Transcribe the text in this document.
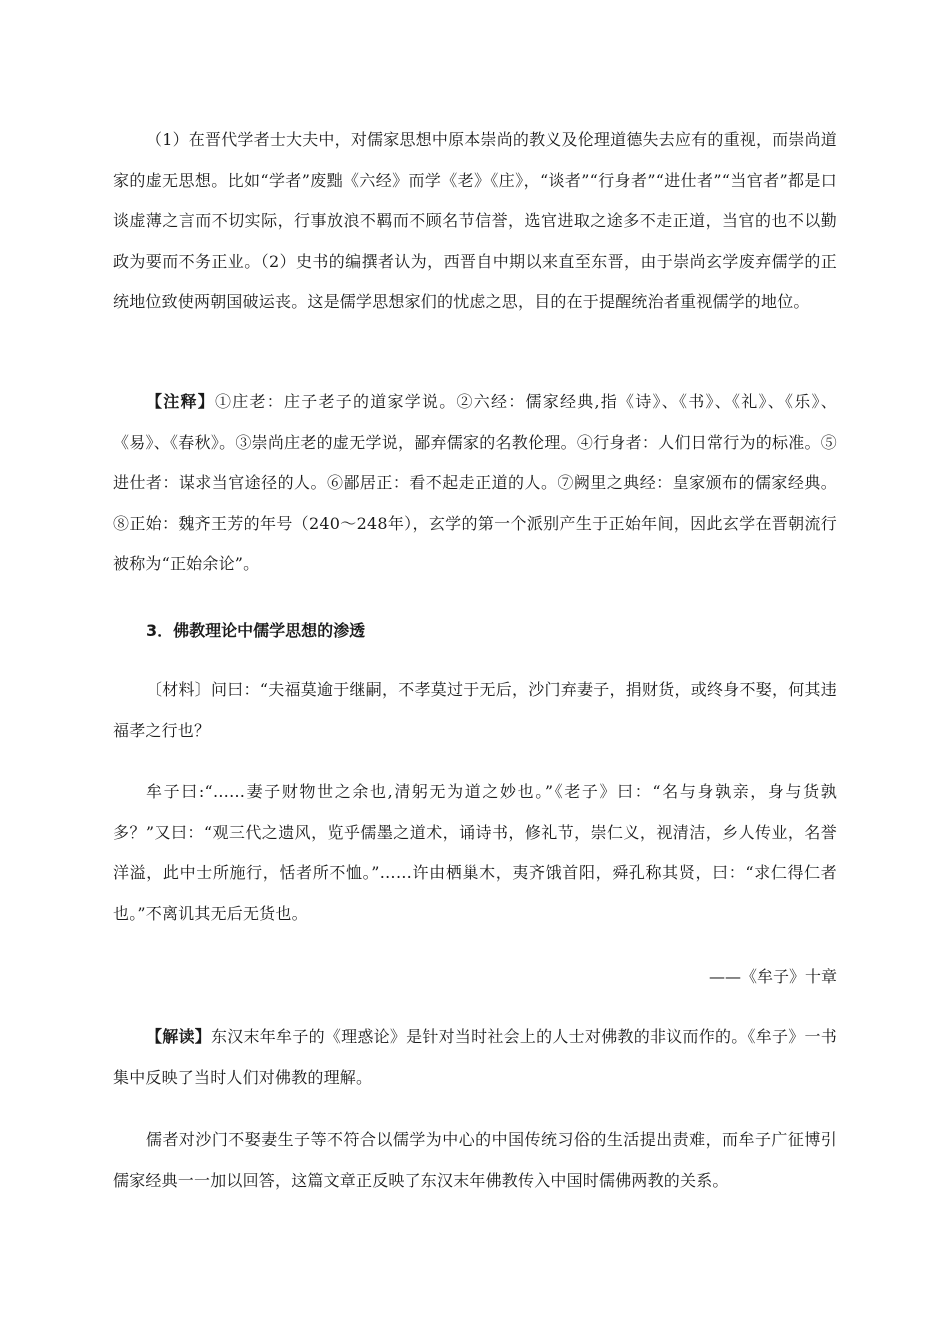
（1）在晋代学者士大夫中，对儒家思想中原本崇尚的教义及伦理道德失去应有的重视，而崇尚道家的虚无思想。比如“学者”废黜《六经》而学《老》《庄》，“谈者”“行身者”“进仕者”“当官者”都是口谈虚薄之言而不切实际，行事放浪不羁而不顾名节信誉，选官进取之途多不走正道，当官的也不以勤政为要而不务正业。（2）史书的编撰者认为，西晋自中期以来直至东晋，由于崇尚玄学废弃儒学的正统地位致使两朝国破运丧。这是儒学思想家们的忧虑之思，目的在于提醒统治者重视儒学的地位。

【注释】①庄老：庄子老子的道家学说。②六经：儒家经典,指《诗》、《书》、《礼》、《乐》、《易》、《春秋》。③崇尚庄老的虚无学说，鄙弃儒家的名教伦理。④行身者：人们日常行为的标准。⑤进仕者：谋求当官途径的人。⑥鄙居正：看不起走正道的人。⑦阙里之典经：皇家颁布的儒家经典。⑧正始：魏齐王芳的年号（240～248年），玄学的第一个派别产生于正始年间，因此玄学在晋朝流行被称为“正始余论”。

3．佛教理论中儒学思想的渗透

〔材料〕问曰：“夫福莫逾于继嗣，不孝莫过于无后，沙门弃妻子，捐财货，或终身不娶，何其违福孝之行也？

牟子曰:“……妻子财物世之余也,清躬无为道之妙也。”《老子》曰：“名与身孰亲，身与货孰多？”又曰：“观三代之遗风，览乎儒墨之道术，诵诗书，修礼节，崇仁义，视清洁，乡人传业，名誉洋溢，此中士所施行，恬者所不恤。”……许由栖巢木，夷齐饿首阳，舜孔称其贤，曰：“求仁得仁者也。”不离讥其无后无货也。

——《牟子》十章

【解读】东汉末年牟子的《理惑论》是针对当时社会上的人士对佛教的非议而作的。《牟子》一书集中反映了当时人们对佛教的理解。

儒者对沙门不娶妻生子等不符合以儒学为中心的中国传统习俗的生活提出责难，而牟子广征博引儒家经典一一加以回答，这篇文章正反映了东汉末年佛教传入中国时儒佛两教的关系。
